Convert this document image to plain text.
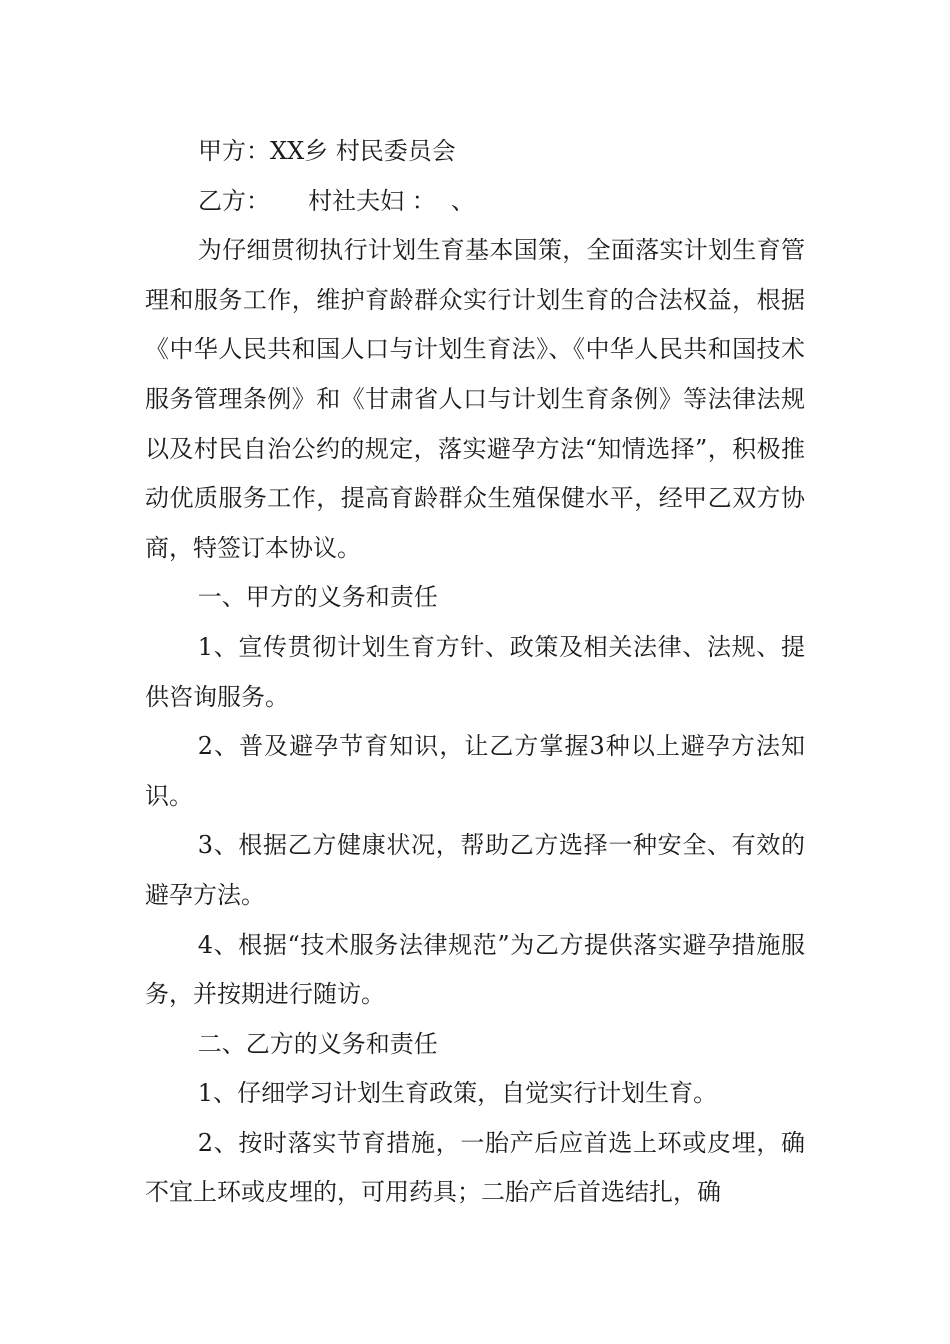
甲方：XX乡 村民委员会

乙方：     村社夫妇 ：  、

为仔细贯彻执行计划生育基本国策，全面落实计划生育管理和服务工作，维护育龄群众实行计划生育的合法权益，根据《中华人民共和国人口与计划生育法》、《中华人民共和国技术服务管理条例》和《甘肃省人口与计划生育条例》等法律法规以及村民自治公约的规定，落实避孕方法“知情选择”，积极推动优质服务工作，提高育龄群众生殖保健水平，经甲乙双方协商，特签订本协议。

一、甲方的义务和责任

1、宣传贯彻计划生育方针、政策及相关法律、法规、提供咨询服务。

2、普及避孕节育知识，让乙方掌握3种以上避孕方法知识。

3、根据乙方健康状况，帮助乙方选择一种安全、有效的避孕方法。

4、根据“技术服务法律规范”为乙方提供落实避孕措施服务，并按期进行随访。

二、乙方的义务和责任

1、仔细学习计划生育政策，自觉实行计划生育。

2、按时落实节育措施，一胎产后应首选上环或皮埋，确不宜上环或皮埋的，可用药具；二胎产后首选结扎，确
